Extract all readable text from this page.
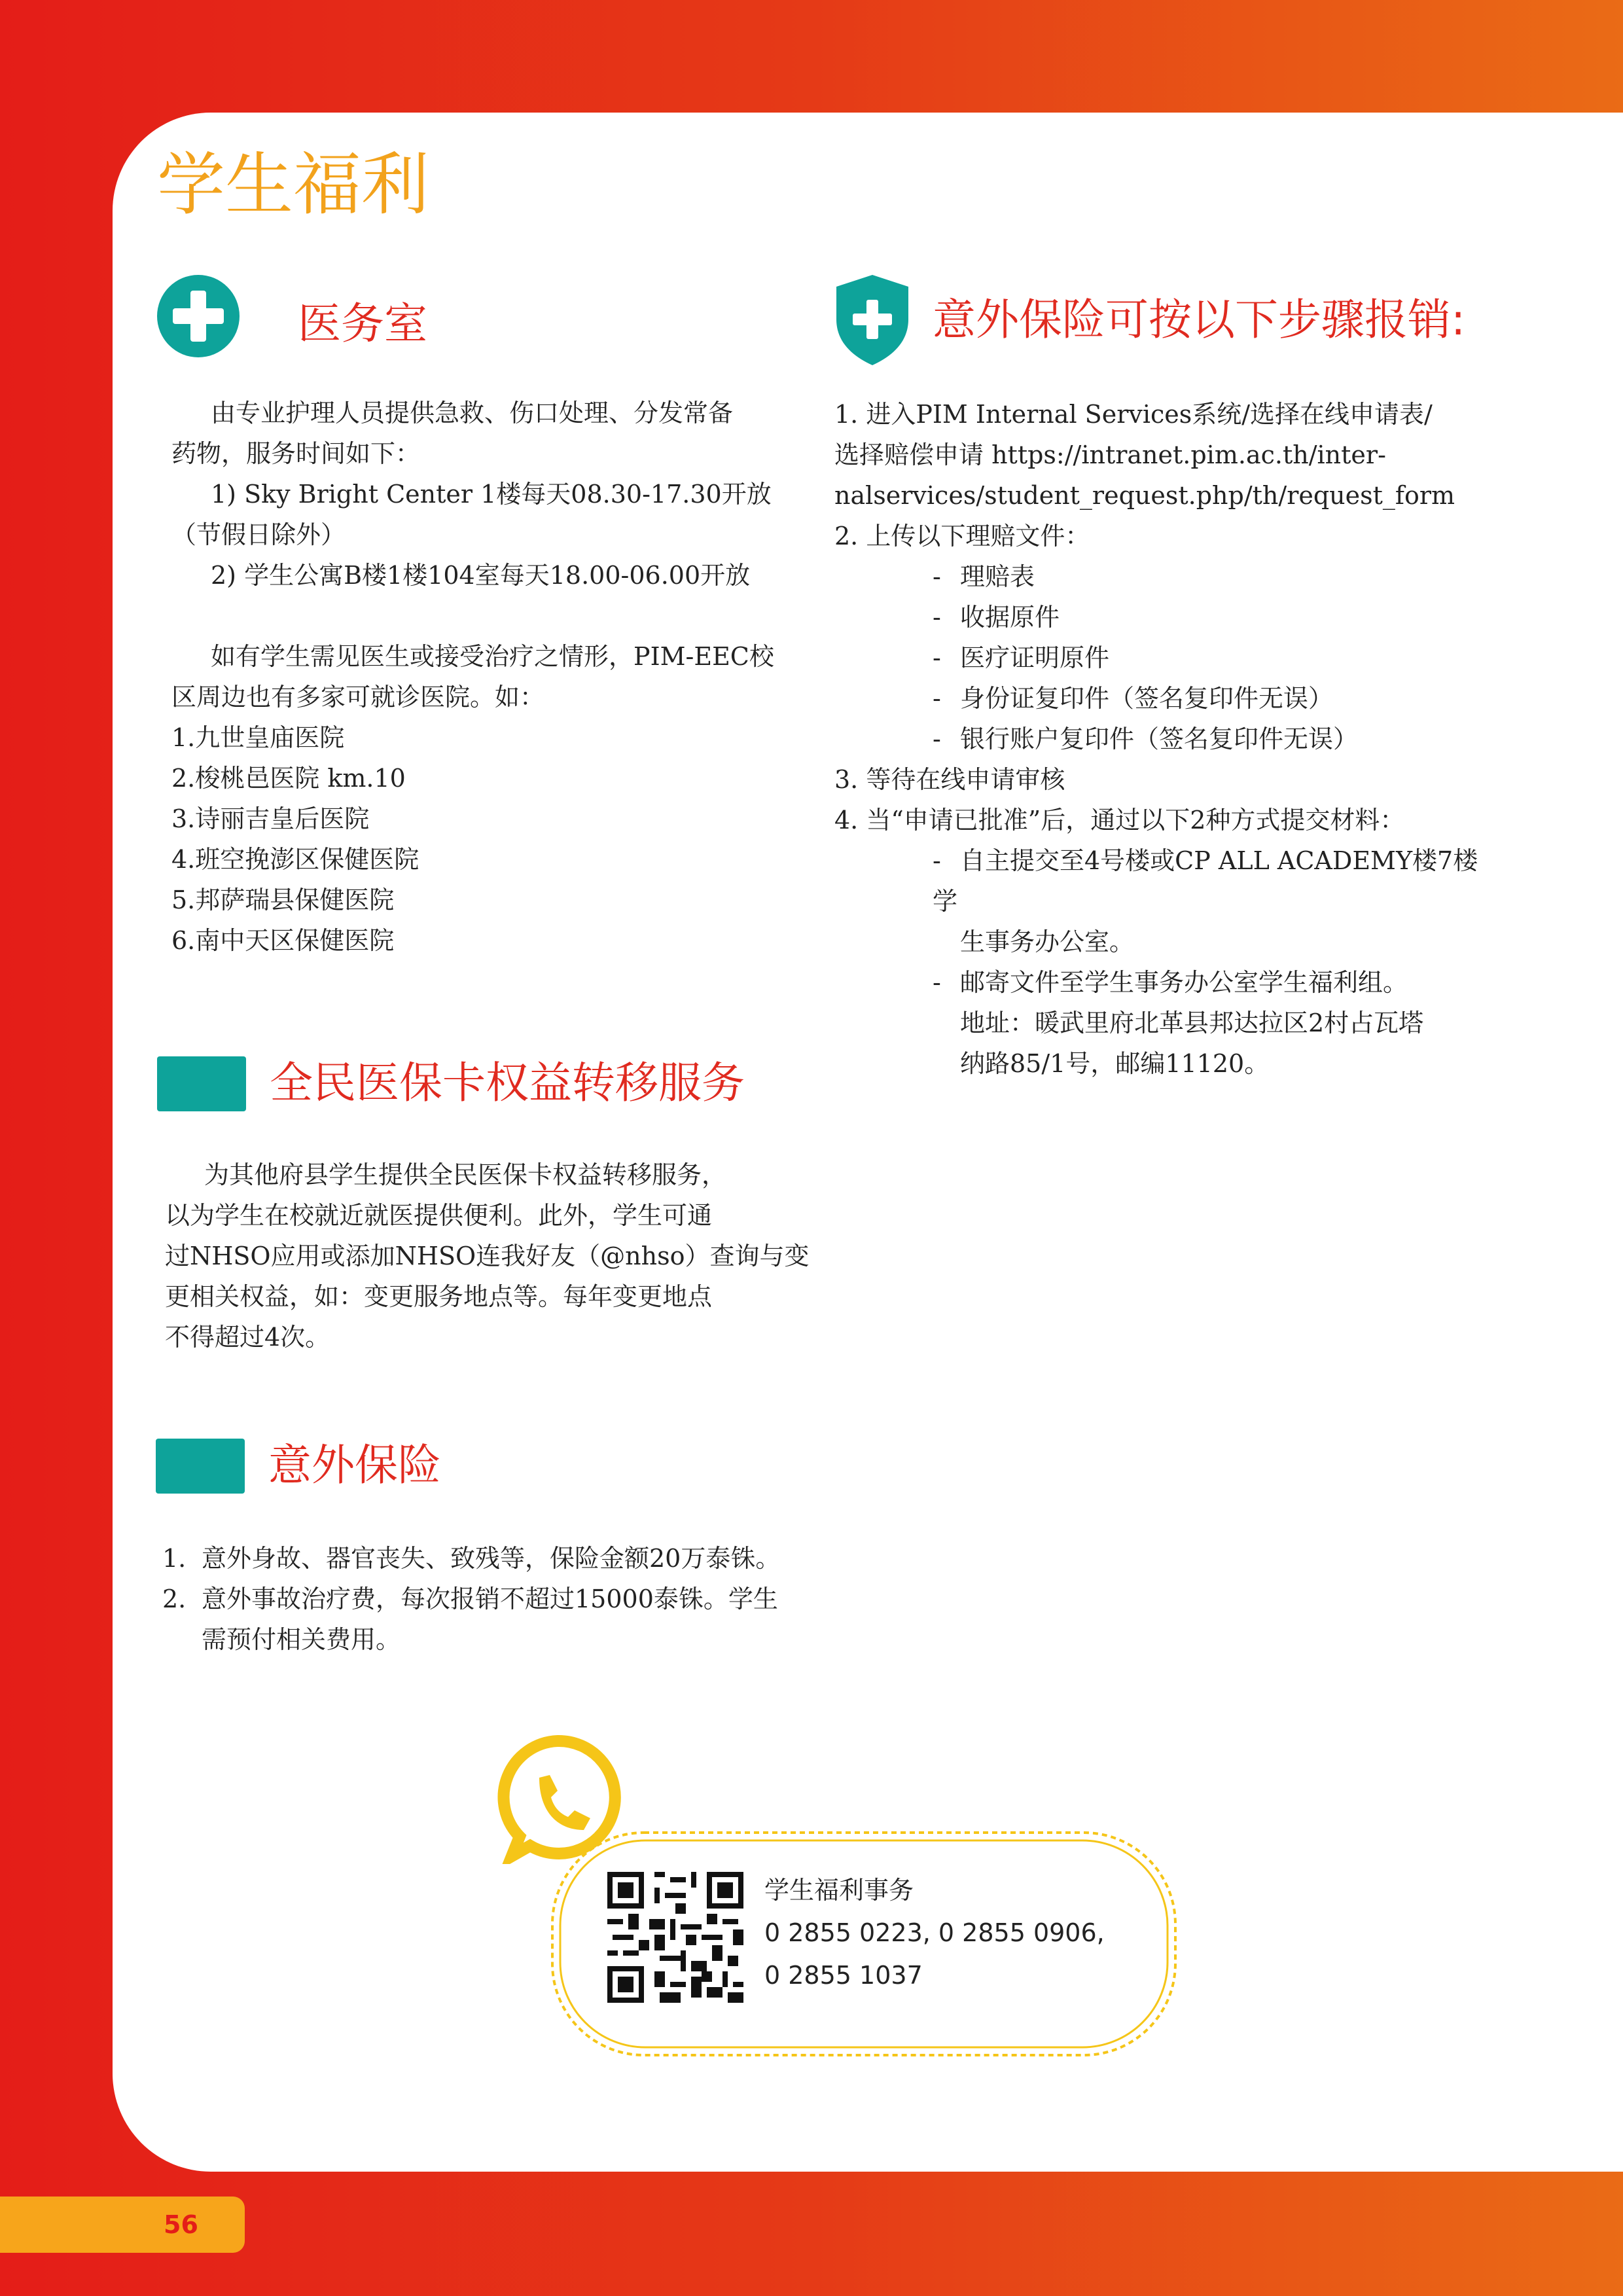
学生福利
医务室

由专业护理人员提供急救、伤口处理、分发常备

药物，服务时间如下：

1) Sky Bright Center 1楼每天08.30-17.30开放

（节假日除外）

2) 学生公寓B楼1楼104室每天18.00-06.00开放

如有学生需见医生或接受治疗之情形，PIM-EEC校

区周边也有多家可就诊医院。如：

1.九世皇庙医院

2.梭桃邑医院 km.10

3.诗丽吉皇后医院

4.班空挽澎区保健医院

5.邦萨瑞县保健医院

6.南中天区保健医院

全民医保卡权益转移服务

为其他府县学生提供全民医保卡权益转移服务，

以为学生在校就近就医提供便利。此外，学生可通

过NHSO应用或添加NHSO连我好友（@nhso）查询与变

更相关权益，如：变更服务地点等。每年变更地点

不得超过4次。

意外保险

1. 意外身故、器官丧失、致残等，保险金额20万泰铢。

2. 意外事故治疗费，每次报销不超过15000泰铢。学生

需预付相关费用。

意外保险可按以下步骤报销:

1. 进入PIM Internal Services系统/选择在线申请表/

选择赔偿申请 https://intranet.pim.ac.th/inter-

nalservices/student_request.php/th/request_form

2. 上传以下理赔文件：

- 理赔表

- 收据原件

- 医疗证明原件

- 身份证复印件（签名复印件无误）

- 银行账户复印件（签名复印件无误）

3. 等待在线申请审核

4. 当“申请已批准”后，通过以下2种方式提交材料：

- 自主提交至4号楼或CP ALL ACADEMY楼7楼学

生事务办公室。

- 邮寄文件至学生事务办公室学生福利组。

地址：暖武里府北革县邦达拉区2村占瓦塔

纳路85/1号，邮编11120。

学生福利事务
0 2855 0223, 0 2855 0906,
0 2855 1037
56
